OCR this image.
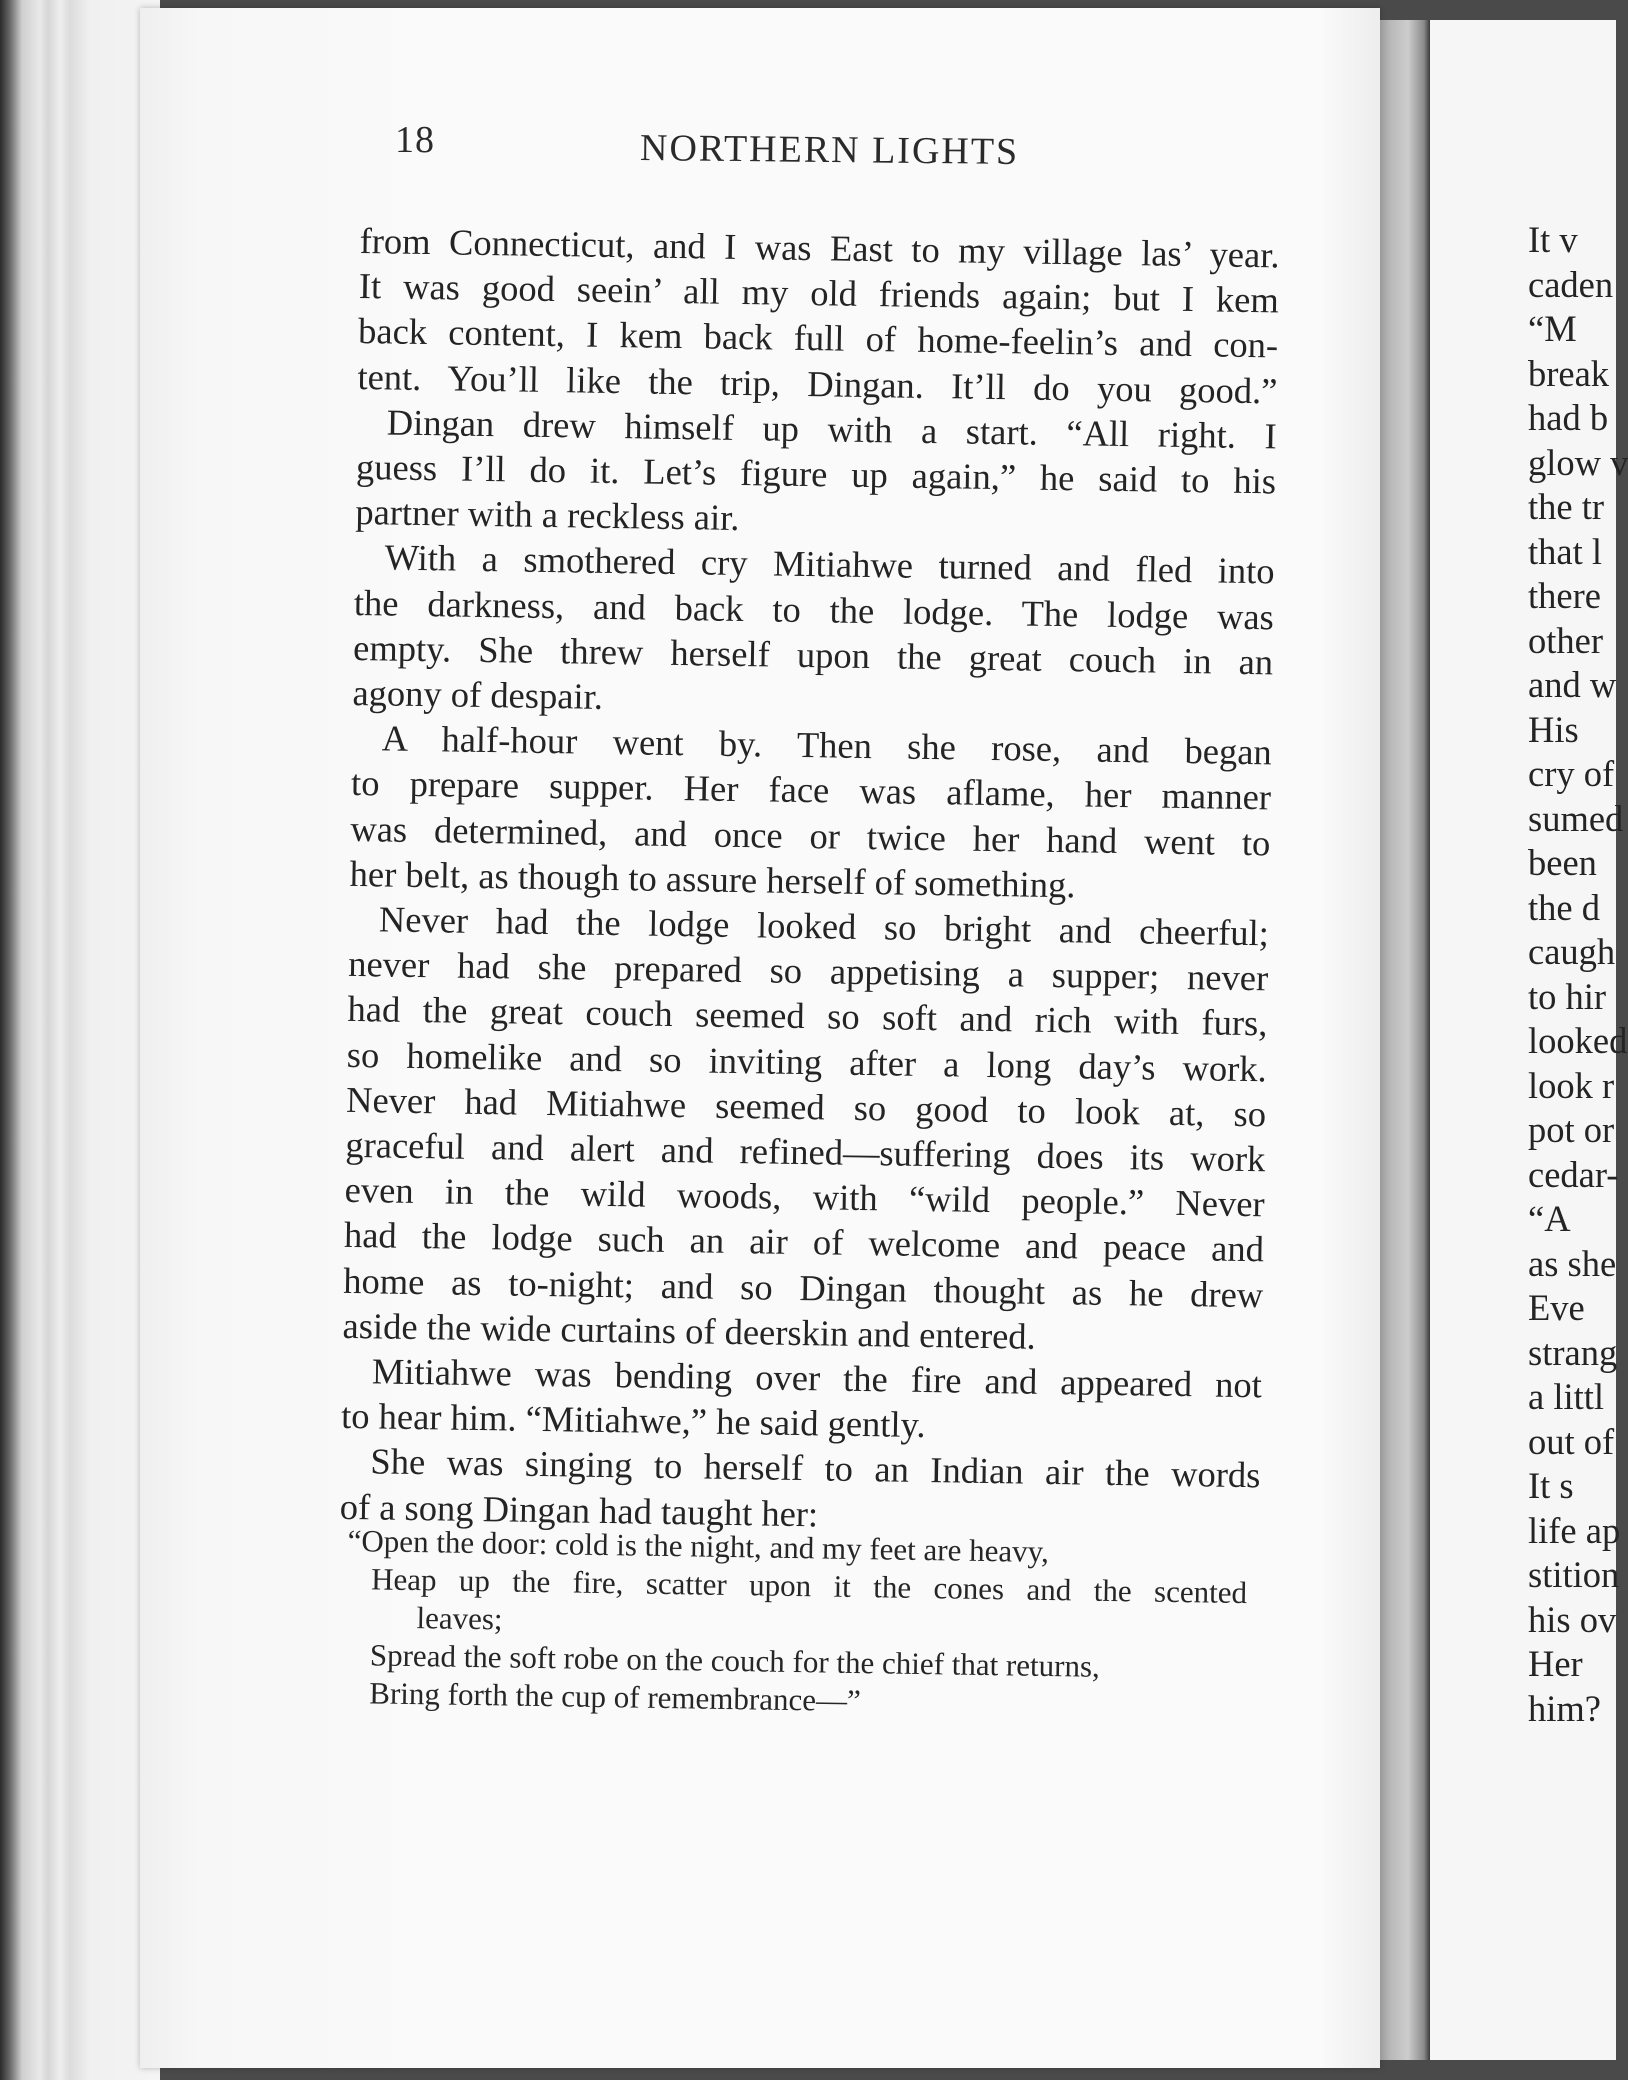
18	NORTHERN LIGHTS
from Connecticut, and I was East to my village las’ year.
It was good seein’ all my old friends again; but I kem
back content, I kem back full of home-feelin’s and con-
tent. You’ll like the trip, Dingan. It’ll do you good.”
Dingan drew himself up with a start. “All right. I
guess I’ll do it. Let’s figure up again,” he said to his
partner with a reckless air.
With a smothered cry Mitiahwe turned and fled into
the darkness, and back to the lodge. The lodge was
empty. She threw herself upon the great couch in an
agony of despair.
A half-hour went by. Then she rose, and began
to prepare supper. Her face was aflame, her manner
was determined, and once or twice her hand went to
her belt, as though to assure herself of something.
Never had the lodge looked so bright and cheerful;
never had she prepared so appetising a supper; never
had the great couch seemed so soft and rich with furs,
so homelike and so inviting after a long day’s work.
Never had Mitiahwe seemed so good to look at, so
graceful and alert and refined—suffering does its work
even in the wild woods, with “wild people.” Never
had the lodge such an air of welcome and peace and
home as to-night; and so Dingan thought as he drew
aside the wide curtains of deerskin and entered.
Mitiahwe was bending over the fire and appeared not
to hear him. “Mitiahwe,” he said gently.
She was singing to herself to an Indian air the words
of a song Dingan had taught her:
“Open the door: cold is the night, and my feet are heavy,
Heap up the fire, scatter upon it the cones and the scented
leaves;
Spread the soft robe on the couch for the chief that returns,
Bring forth the cup of remembrance—”
It v
caden
“M
break
had b
glow v
the tr
that l
there
other
and w
His
cry of
sumed
been
the d
caugh
to hir
looked
look r
pot or
cedar-
“A
as she
Eve
strang
a littl
out of
It s
life ap
stition
his ov
Her
him?
